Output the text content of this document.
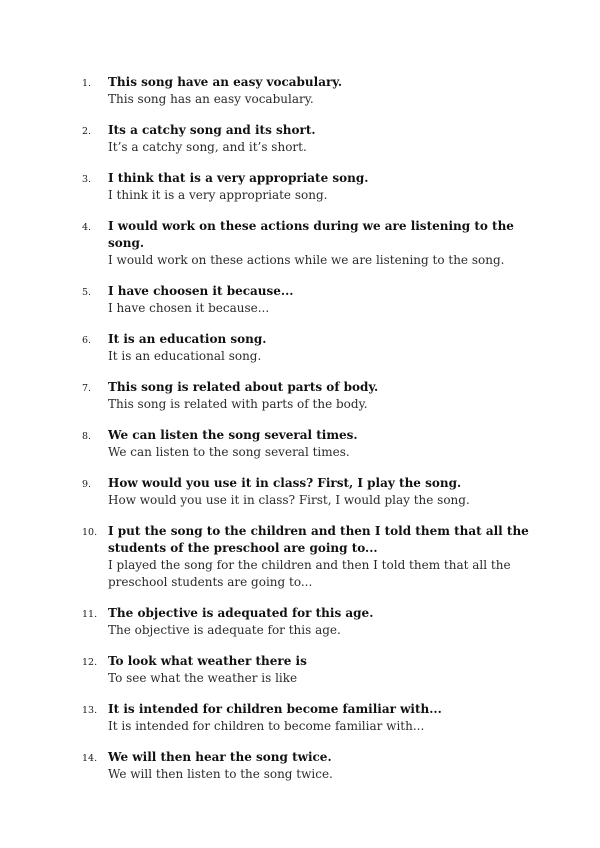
1.	This song have an easy vocabulary.
This song has an easy vocabulary.
2.	Its a catchy song and its short.
It’s a catchy song, and it’s short.
3.	I think that is a very appropriate song.
I think it is a very appropriate song.
4.	I would work on these actions during we are listening to the song.
I would work on these actions while we are listening to the song.
5.	I have choosen it because...
I have chosen it because...
6.	It is an education song.
It is an educational song.
7.	This song is related about parts of body.
This song is related with parts of the body.
8.	We can listen the song several times.
We can listen to the song several times.
9.	How would you use it in class? First, I play the song.
How would you use it in class? First, I would play the song.
10. I put the song to the children and then I told them that all the students of the preschool are going to...
I played the song for the children and then I told them that all the preschool students are going to...
11. The objective is adequated for this age.
The objective is adequate for this age.
12. To look what weather there is
To see what the weather is like
13. It is intended for children become familiar with...
It is intended for children to become familiar with...
14. We will then hear the song twice.
We will then listen to the song twice.
